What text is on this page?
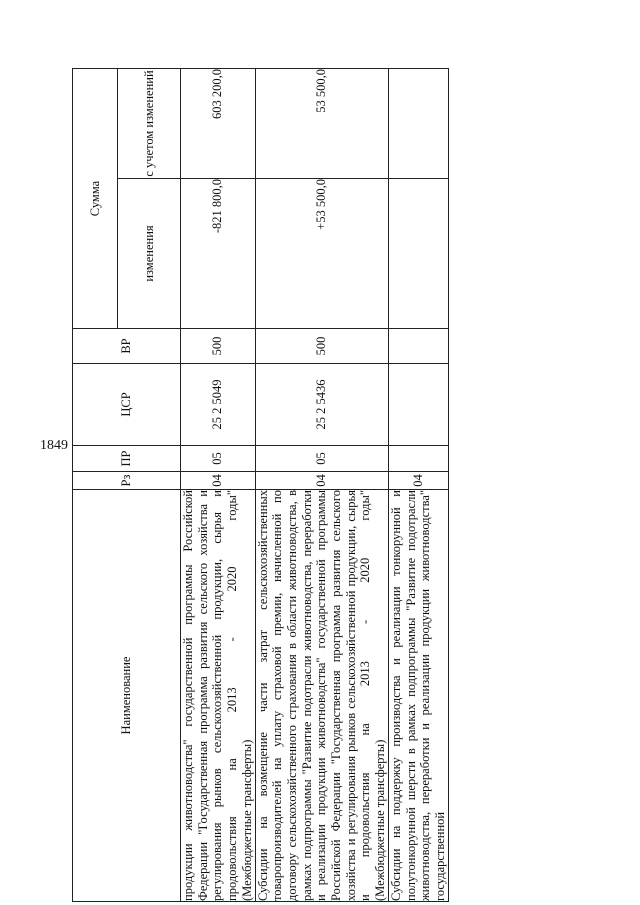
1849
Наименование	Рз	ПР	ЦСР	ВР	Сумма	
					изменения	с учетом изменений
продукции животноводства" государственной программы Российской Федерации "Государственная программа развития сельского хозяйства и регулирования рынков сельскохозяйственной продукции, сырья и продовольствия на 2013 - 2020 годы" (Межбюджетные трансферты)	04	05	25 2 5049	500	-821 800,0	603 200,0
Субсидии на возмещение части затрат сельскохозяйственных товаропроизводителей на уплату страховой премии, начисленной по договору сельскохозяйственного страхования в области животноводства, в рамках подпрограммы "Развитие подотрасли животноводства, переработки и реализации продукции животноводства" государственной программы Российской Федерации "Государственная программа развития сельского хозяйства и регулирования рынков сельскохозяйственной продукции, сырья и продовольствия на 2013 - 2020 годы" (Межбюджетные трансферты)	04	05	25 2 5436	500	+53 500,0	53 500,0
Субсидии на поддержку производства и реализации тонкорунной и полутонкорунной шерсти в рамках подпрограммы "Развитие подотрасли животноводства, переработки и реализации продукции животноводства" государственной	04					
